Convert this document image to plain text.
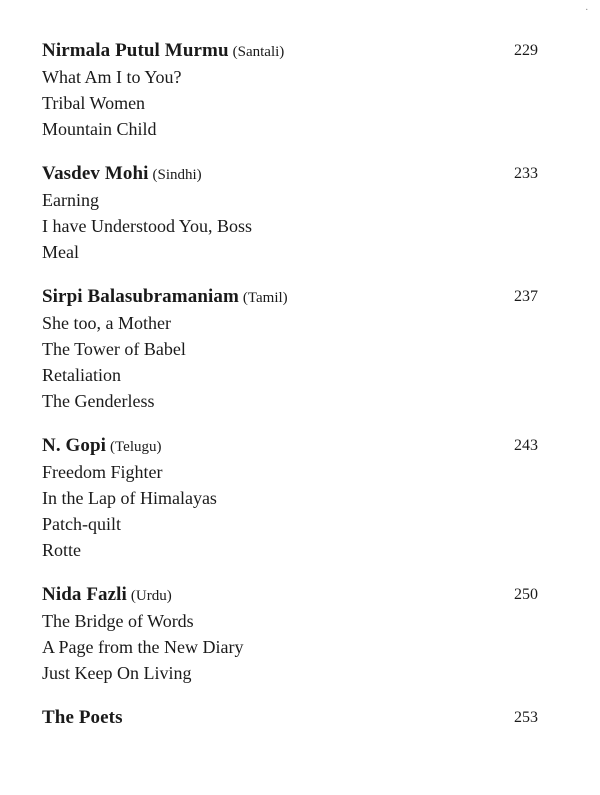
.
Nirmala Putul Murmu (Santali)	229
What Am I to You?
Tribal Women
Mountain Child
Vasdev Mohi (Sindhi)	233
Earning
I have Understood You, Boss
Meal
Sirpi Balasubramaniam (Tamil)	237
She too, a Mother
The Tower of Babel
Retaliation
The Genderless
N. Gopi (Telugu)	243
Freedom Fighter
In the Lap of Himalayas
Patch-quilt
Rotte
Nida Fazli (Urdu)	250
The Bridge of Words
A Page from the New Diary
Just Keep On Living
The Poets	253
